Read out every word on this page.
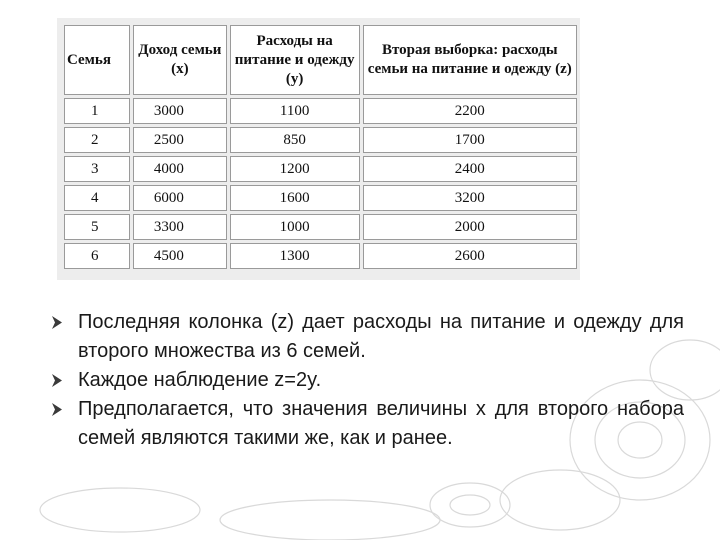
Семья	Доход семьи (x)	Расходы на питание и одежду (y)	Вторая выборка: расходы семьи на питание и одежду (z)
1	3000	1100	2200
2	2500	850	1700
3	4000	1200	2400
4	6000	1600	3200
5	3300	1000	2000
6	4500	1300	2600
Последняя колонка (z) дает расходы на питание и одежду для второго множества из 6 семей.
Каждое наблюдение z=2y.
Предполагается, что значения величины x для второго набора семей являются такими же, как и ранее.
